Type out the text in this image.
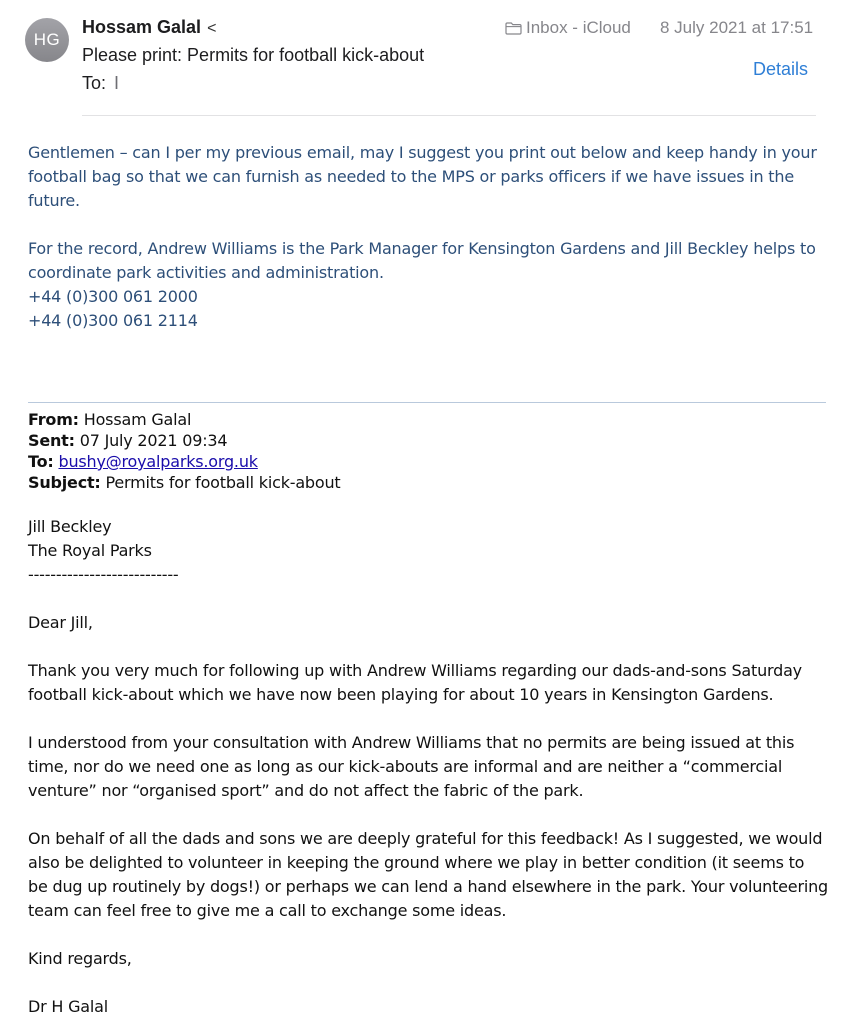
HG
Hossam Galal <
Please print: Permits for football kick-about
To: I
Inbox - iCloud 8 July 2021 at 17:51
Details

Gentlemen – can I per my previous email, may I suggest you print out below and keep handy in your football bag so that we can furnish as needed to the MPS or parks officers if we have issues in the future.

For the record, Andrew Williams is the Park Manager for Kensington Gardens and Jill Beckley helps to coordinate park activities and administration.

+44 (0)300 061 2000

+44 (0)300 061 2114

From: Hossam Galal
Sent: 07 July 2021 09:34
To: bushy@royalparks.org.uk
Subject: Permits for football kick-about

Jill Beckley

The Royal Parks

---------------------------

Dear Jill,

Thank you very much for following up with Andrew Williams regarding our dads-and-sons Saturday football kick-about which we have now been playing for about 10 years in Kensington Gardens.

I understood from your consultation with Andrew Williams that no permits are being issued at this time, nor do we need one as long as our kick-abouts are informal and are neither a “commercial venture” nor “organised sport” and do not affect the fabric of the park.

On behalf of all the dads and sons we are deeply grateful for this feedback! As I suggested, we would also be delighted to volunteer in keeping the ground where we play in better condition (it seems to be dug up routinely by dogs!) or perhaps we can lend a hand elsewhere in the park. Your volunteering team can feel free to give me a call to exchange some ideas.

Kind regards,

Dr H Galal
